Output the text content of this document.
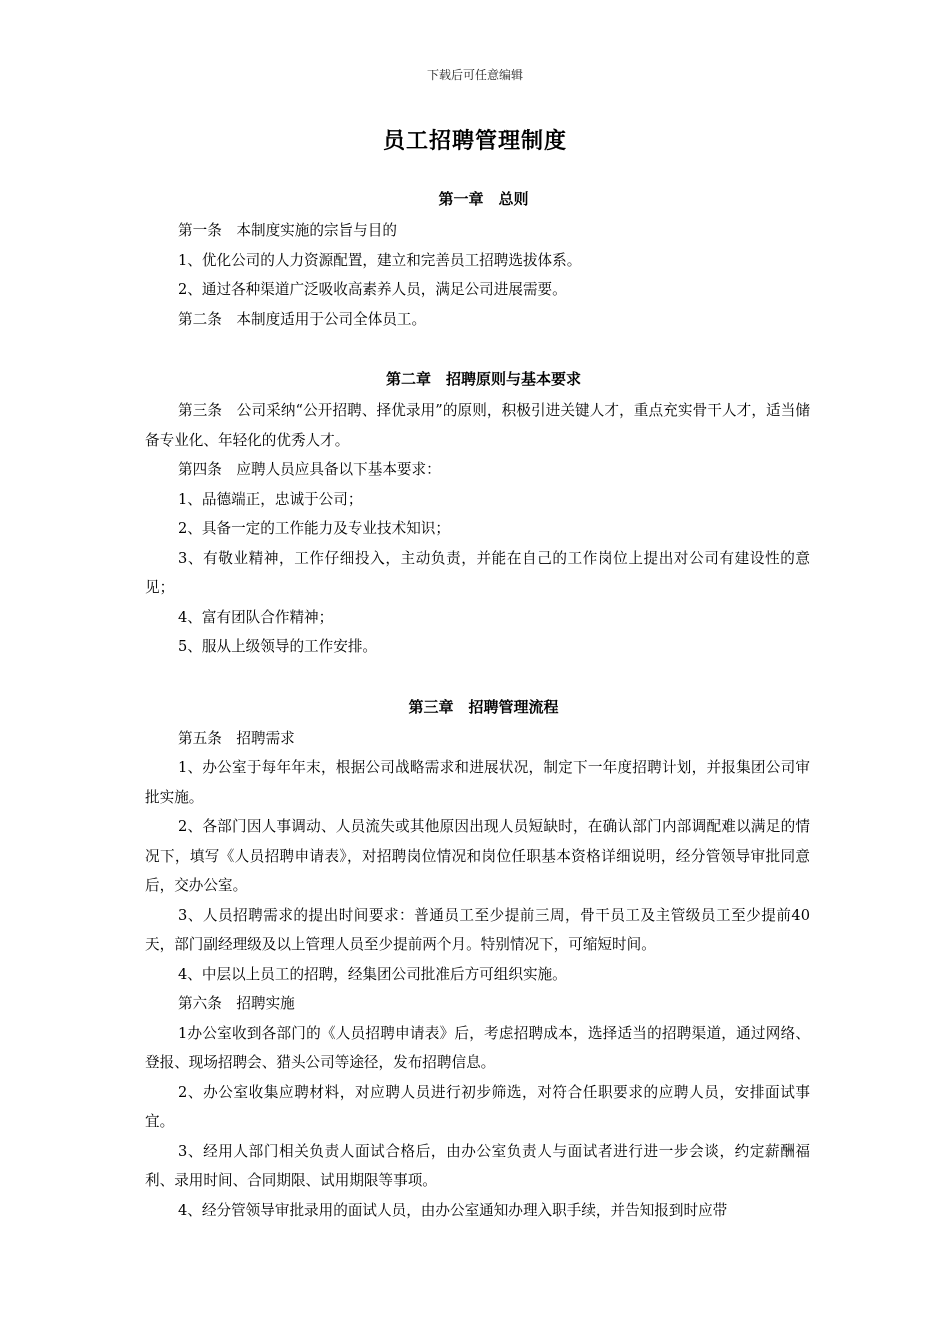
下载后可任意编辑
员工招聘管理制度
第一章　总则

第一条　本制度实施的宗旨与目的

1、优化公司的人力资源配置，建立和完善员工招聘选拔体系。

2、通过各种渠道广泛吸收高素养人员，满足公司进展需要。

第二条　本制度适用于公司全体员工。

第二章　招聘原则与基本要求

第三条　公司采纳“公开招聘、择优录用”的原则，积极引进关键人才，重点充实骨干人才，适当储备专业化、年轻化的优秀人才。

第四条　应聘人员应具备以下基本要求：

1、品德端正，忠诚于公司；

2、具备一定的工作能力及专业技术知识；

3、有敬业精神，工作仔细投入，主动负责，并能在自己的工作岗位上提出对公司有建设性的意见；

4、富有团队合作精神；

5、服从上级领导的工作安排。

第三章　招聘管理流程

第五条　招聘需求

1、办公室于每年年末，根据公司战略需求和进展状况，制定下一年度招聘计划，并报集团公司审批实施。

2、各部门因人事调动、人员流失或其他原因出现人员短缺时，在确认部门内部调配难以满足的情况下，填写《人员招聘申请表》，对招聘岗位情况和岗位任职基本资格详细说明，经分管领导审批同意后，交办公室。

3、人员招聘需求的提出时间要求：普通员工至少提前三周，骨干员工及主管级员工至少提前40天，部门副经理级及以上管理人员至少提前两个月。特别情况下，可缩短时间。

4、中层以上员工的招聘，经集团公司批准后方可组织实施。

第六条　招聘实施

1办公室收到各部门的《人员招聘申请表》后，考虑招聘成本，选择适当的招聘渠道，通过网络、登报、现场招聘会、猎头公司等途径，发布招聘信息。

2、办公室收集应聘材料，对应聘人员进行初步筛选，对符合任职要求的应聘人员，安排面试事宜。

3、经用人部门相关负责人面试合格后，由办公室负责人与面试者进行进一步会谈，约定薪酬福利、录用时间、合同期限、试用期限等事项。

4、经分管领导审批录用的面试人员，由办公室通知办理入职手续，并告知报到时应带
